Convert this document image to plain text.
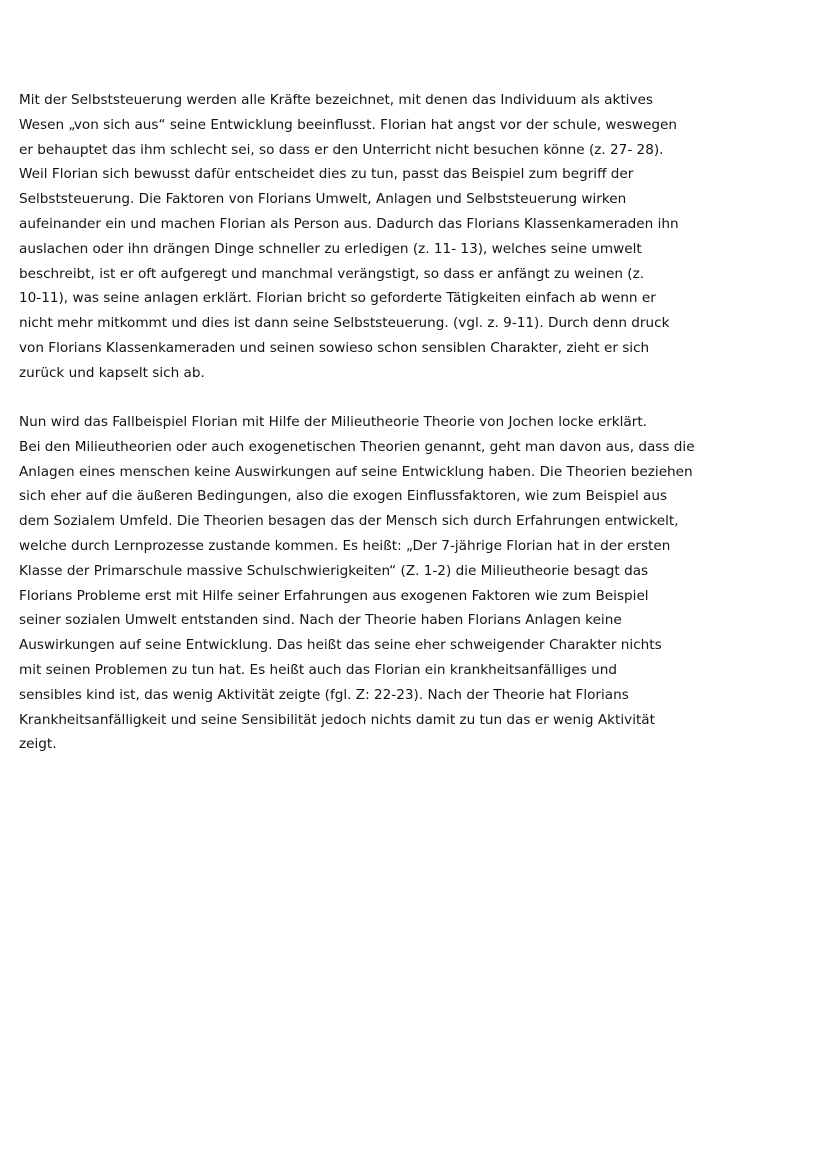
Mit der Selbststeuerung werden alle Kräfte bezeichnet, mit denen das Individuum als aktives
Wesen „von sich aus“ seine Entwicklung beeinflusst. Florian hat angst vor der schule, weswegen
er behauptet das ihm schlecht sei, so dass er den Unterricht nicht besuchen könne (z. 27- 28).
Weil Florian sich bewusst dafür entscheidet dies zu tun, passt das Beispiel zum begriff der
Selbststeuerung. Die Faktoren von Florians Umwelt, Anlagen und Selbststeuerung wirken
aufeinander ein und machen Florian als Person aus. Dadurch das Florians Klassenkameraden ihn
auslachen oder ihn drängen Dinge schneller zu erledigen (z. 11- 13), welches seine umwelt
beschreibt, ist er oft aufgeregt und manchmal verängstigt, so dass er anfängt zu weinen (z.
10-11), was seine anlagen erklärt. Florian bricht so geforderte Tätigkeiten einfach ab wenn er
nicht mehr mitkommt und dies ist dann seine Selbststeuerung. (vgl. z. 9-11). Durch denn druck
von Florians Klassenkameraden und seinen sowieso schon sensiblen Charakter, zieht er sich
zurück und kapselt sich ab.
Nun wird das Fallbeispiel Florian mit Hilfe der Milieutheorie Theorie von Jochen locke erklärt.
Bei den Milieutheorien oder auch exogenetischen Theorien genannt, geht man davon aus, dass die
Anlagen eines menschen keine Auswirkungen auf seine Entwicklung haben. Die Theorien beziehen
sich eher auf die äußeren Bedingungen, also die exogen Einflussfaktoren, wie zum Beispiel aus
dem Sozialem Umfeld. Die Theorien besagen das der Mensch sich durch Erfahrungen entwickelt,
welche durch Lernprozesse zustande kommen. Es heißt: „Der 7-jährige Florian hat in der ersten
Klasse der Primarschule massive Schulschwierigkeiten“ (Z. 1-2) die Milieutheorie besagt das
Florians Probleme erst mit Hilfe seiner Erfahrungen aus exogenen Faktoren wie zum Beispiel
seiner sozialen Umwelt entstanden sind. Nach der Theorie haben Florians Anlagen keine
Auswirkungen auf seine Entwicklung. Das heißt das seine eher schweigender Charakter nichts
mit seinen Problemen zu tun hat. Es heißt auch das Florian ein krankheitsanfälliges und
sensibles kind ist, das wenig Aktivität zeigte (fgl. Z: 22-23). Nach der Theorie hat Florians
Krankheitsanfälligkeit und seine Sensibilität jedoch nichts damit zu tun das er wenig Aktivität
zeigt.
